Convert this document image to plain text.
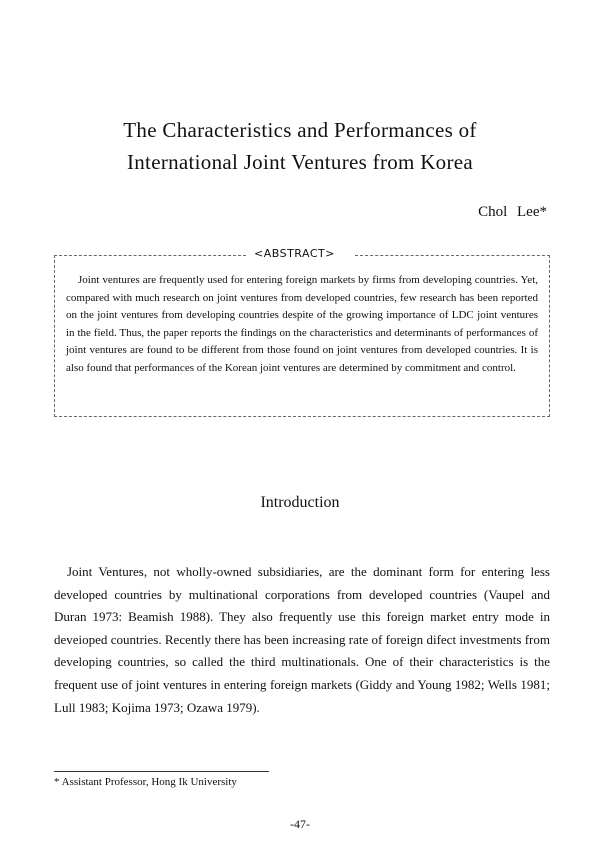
The Characteristics and Performances of
International Joint Ventures from Korea
Chol Lee*
<ABSTRACT>

Joint ventures are frequently used for entering foreign markets by firms from developing countries. Yet, compared with much research on joint ventures from developed countries, few research has been reported on the joint ventures from developing countries despite of the growing importance of LDC joint ventures in the field. Thus, the paper reports the findings on the characteristics and determinants of performances of joint ventures are found to be different from those found on joint ventures from developed countries. It is also found that performances of the Korean joint ventures are determined by commitment and control.

Introduction

Joint Ventures, not wholly-owned subsidiaries, are the dominant form for entering less developed countries by multinational corporations from developed countries (Vaupel and Duran 1973: Beamish 1988). They also frequently use this foreign market entry mode in deveioped countries. Recently there has been increasing rate of foreign difect investments from developing countries, so called the third multinationals. One of their characteristics is the frequent use of joint ventures in entering foreign markets (Giddy and Young 1982; Wells 1981; Lull 1983; Kojima 1973; Ozawa 1979).

* Assistant Professor, Hong Ik University

-47-
